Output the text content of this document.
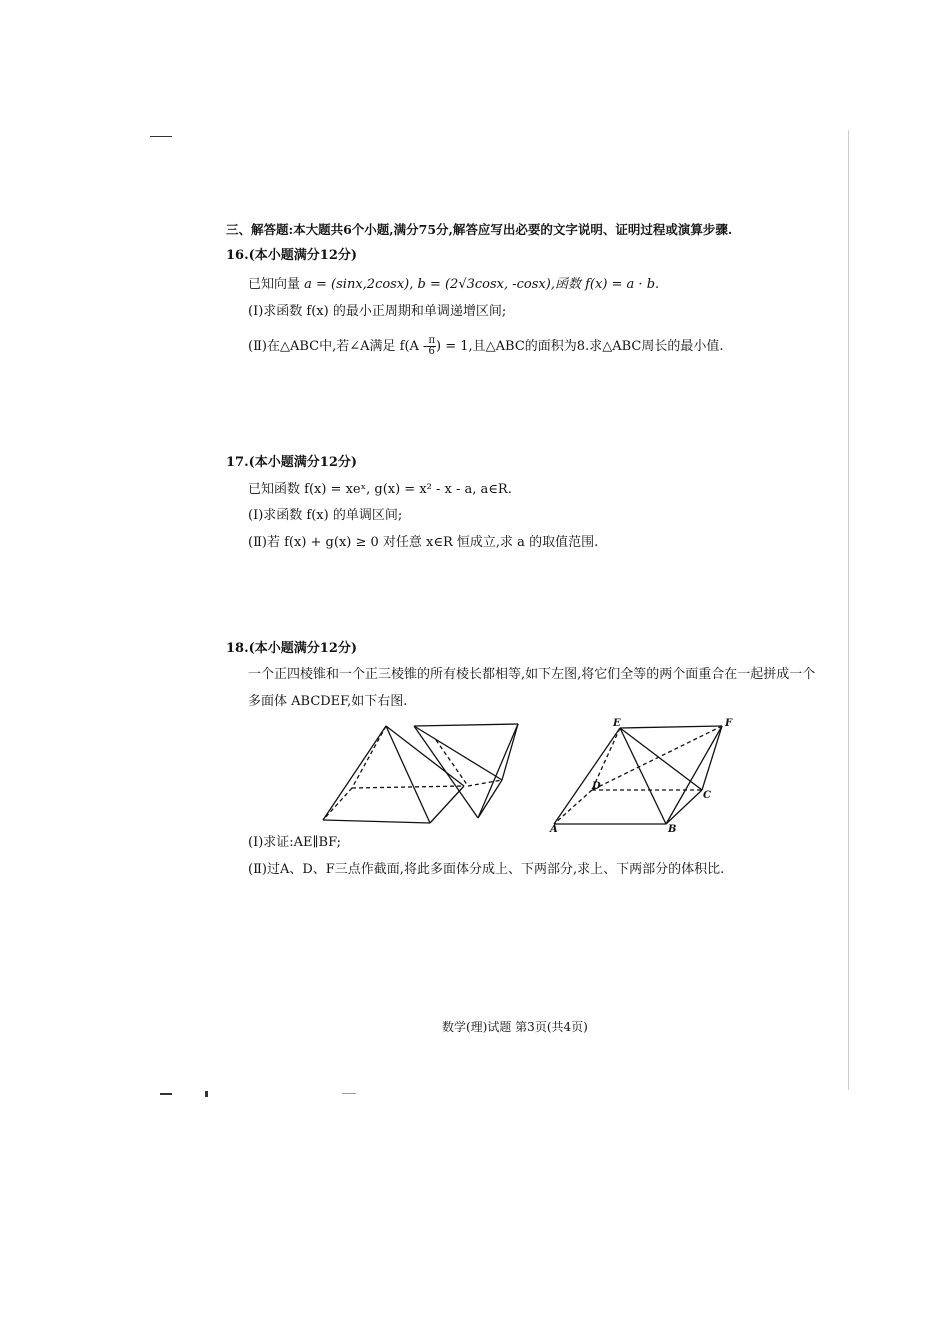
三、解答题:本大题共6个小题,满分75分,解答应写出必要的文字说明、证明过程或演算步骤.
16.(本小题满分12分)
已知向量 a = (sinx,2cosx), b = (2√3cosx, -cosx),函数 f(x) = a · b.
(Ⅰ)求函数 f(x) 的最小正周期和单调递增区间;
(Ⅱ)在△ABC中,若∠A满足 $f(A - \frac{\pi}{6}$ ) = 1,且△ABC的面积为8.求△ABC周长的最小值.
17.(本小题满分12分)
已知函数 f(x) = xeˣ, g(x) = x² - x - a, a∈R.
(Ⅰ)求函数 f(x) 的单调区间;
(Ⅱ)若 f(x) + g(x) ≥ 0 对任意 x∈R 恒成立,求 a 的取值范围.
18.(本小题满分12分)
一个正四棱锥和一个正三棱锥的所有棱长都相等,如下左图,将它们全等的两个面重合在一起拼成一个
多面体 ABCDEF,如下右图.
E	F
D
C
A	B
(Ⅰ)求证:AE∥BF;
(Ⅱ)过A、D、F三点作截面,将此多面体分成上、下两部分,求上、下两部分的体积比.
数学(理)试题 第3页(共4页)
